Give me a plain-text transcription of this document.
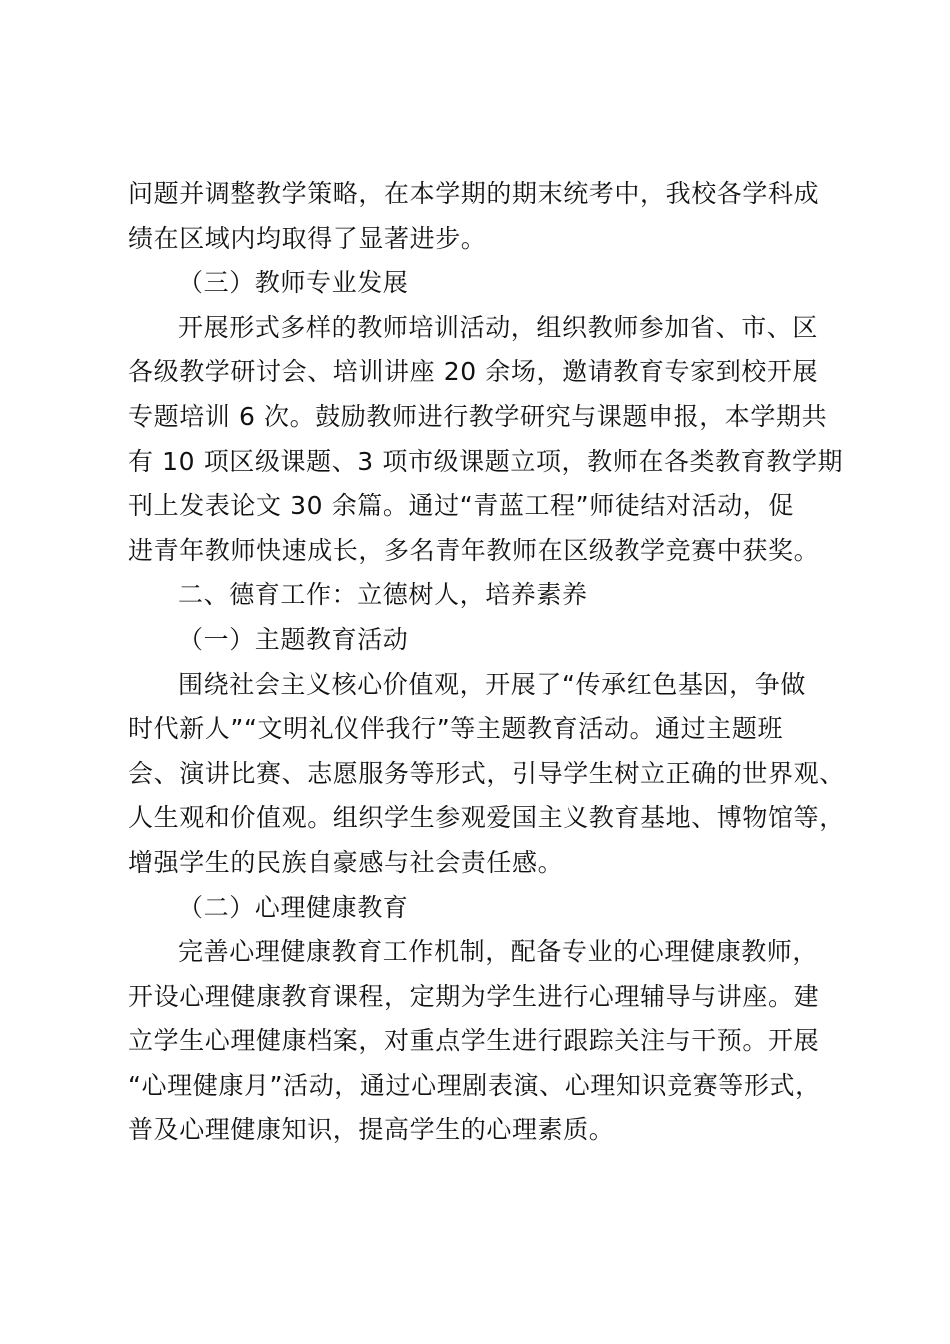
问题并调整教学策略，在本学期的期末统考中，我校各学科成
绩在区域内均取得了显著进步。
（三）教师专业发展
开展形式多样的教师培训活动，组织教师参加省、市、区
各级教学研讨会、培训讲座 20 余场，邀请教育专家到校开展
专题培训 6 次。鼓励教师进行教学研究与课题申报，本学期共
有 10 项区级课题、3 项市级课题立项，教师在各类教育教学期
刊上发表论文 30 余篇。通过“青蓝工程”师徒结对活动，促
进青年教师快速成长，多名青年教师在区级教学竞赛中获奖。
二、德育工作：立德树人，培养素养
（一）主题教育活动
围绕社会主义核心价值观，开展了“传承红色基因，争做
时代新人”“文明礼仪伴我行”等主题教育活动。通过主题班
会、演讲比赛、志愿服务等形式，引导学生树立正确的世界观、
人生观和价值观。组织学生参观爱国主义教育基地、博物馆等，
增强学生的民族自豪感与社会责任感。
（二）心理健康教育
完善心理健康教育工作机制，配备专业的心理健康教师，
开设心理健康教育课程，定期为学生进行心理辅导与讲座。建
立学生心理健康档案，对重点学生进行跟踪关注与干预。开展
“心理健康月”活动，通过心理剧表演、心理知识竞赛等形式，
普及心理健康知识，提高学生的心理素质。
